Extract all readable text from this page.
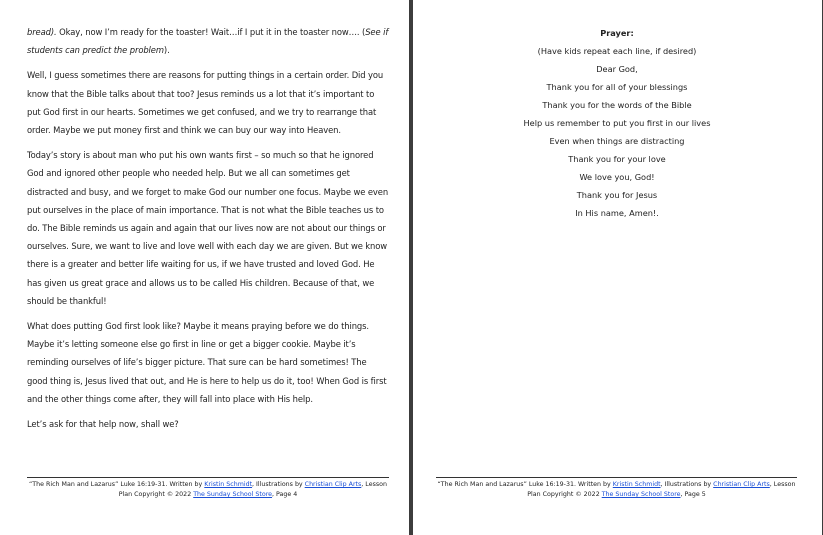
bread). Okay, now I’m ready for the toaster! Wait…if I put it in the toaster now…. (See if students can predict the problem).

Well, I guess sometimes there are reasons for putting things in a certain order. Did you know that the Bible talks about that too? Jesus reminds us a lot that it’s important to put God first in our hearts. Sometimes we get confused, and we try to rearrange that order. Maybe we put money first and think we can buy our way into Heaven.

Today’s story is about man who put his own wants first – so much so that he ignored God and ignored other people who needed help. But we all can sometimes get distracted and busy, and we forget to make God our number one focus. Maybe we even put ourselves in the place of main importance. That is not what the Bible teaches us to do. The Bible reminds us again and again that our lives now are not about our things or ourselves. Sure, we want to live and love well with each day we are given. But we know there is a greater and better life waiting for us, if we have trusted and loved God. He has given us great grace and allows us to be called His children. Because of that, we should be thankful!

What does putting God first look like? Maybe it means praying before we do things. Maybe it’s letting someone else go first in line or get a bigger cookie. Maybe it’s reminding ourselves of life’s bigger picture. That sure can be hard sometimes! The good thing is, Jesus lived that out, and He is here to help us do it, too! When God is first and the other things come after, they will fall into place with His help.

Let’s ask for that help now, shall we?

“The Rich Man and Lazarus” Luke 16:19-31. Written by Kristin Schmidt, Illustrations by Christian Clip Arts, Lesson Plan Copyright © 2022 The Sunday School Store, Page 4
Prayer:
(Have kids repeat each line, if desired)
Dear God,
Thank you for all of your blessings
Thank you for the words of the Bible
Help us remember to put you first in our lives
Even when things are distracting
Thank you for your love
We love you, God!
Thank you for Jesus
In His name, Amen!.
“The Rich Man and Lazarus” Luke 16:19-31. Written by Kristin Schmidt, Illustrations by Christian Clip Arts, Lesson Plan Copyright © 2022 The Sunday School Store, Page 5
